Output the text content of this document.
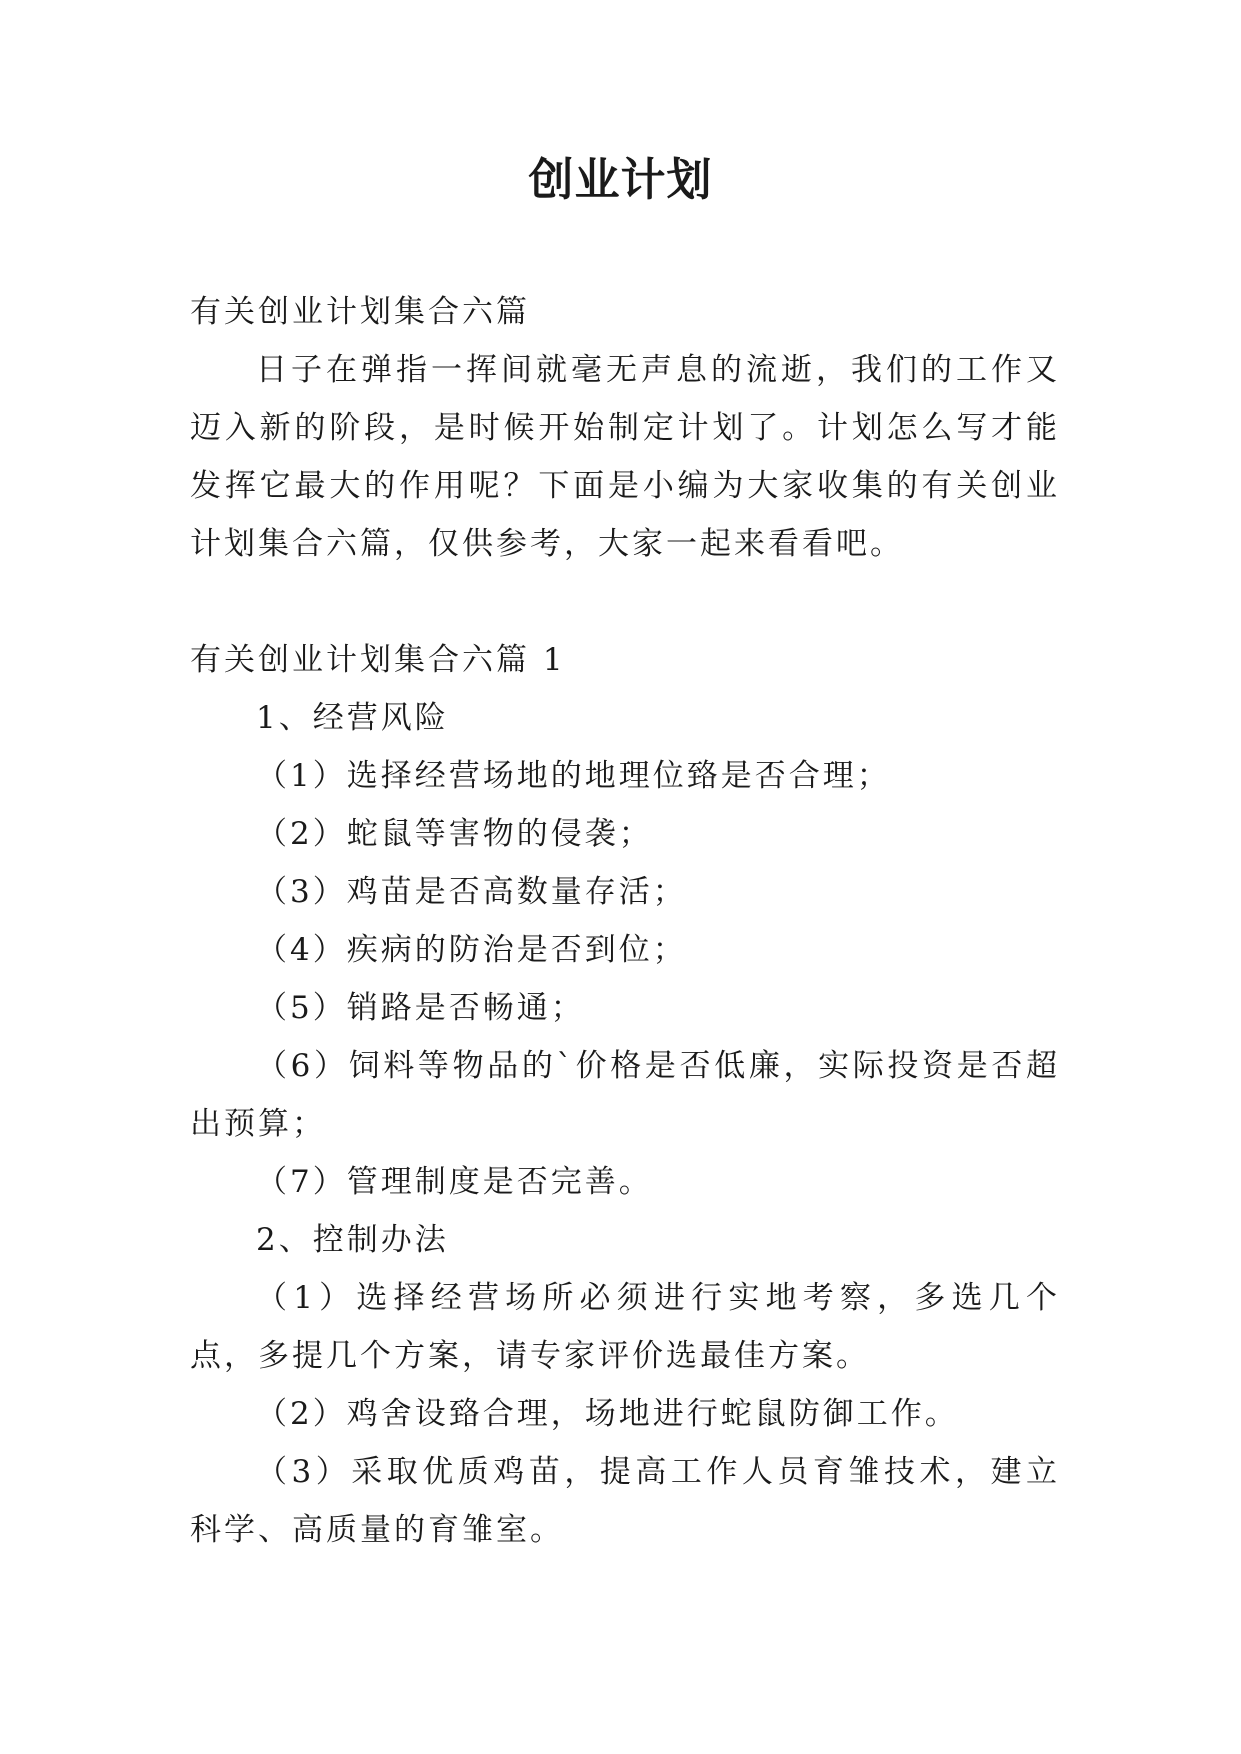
创业计划

有关创业计划集合六篇

日子在弹指一挥间就毫无声息的流逝，我们的工作又迈入新的阶段，是时候开始制定计划了。计划怎么写才能发挥它最大的作用呢？下面是小编为大家收集的有关创业计划集合六篇，仅供参考，大家一起来看看吧。

有关创业计划集合六篇 1

1、经营风险

（1）选择经营场地的地理位臵是否合理；

（2）蛇鼠等害物的侵袭；

（3）鸡苗是否高数量存活；

（4）疾病的防治是否到位；

（5）销路是否畅通；

（6）饲料等物品的`价格是否低廉，实际投资是否超出预算；

（7）管理制度是否完善。

2、控制办法

（1）选择经营场所必须进行实地考察，多选几个点，多提几个方案，请专家评价选最佳方案。

（2）鸡舍设臵合理，场地进行蛇鼠防御工作。

（3）采取优质鸡苗，提高工作人员育雏技术，建立科学、高质量的育雏室。
